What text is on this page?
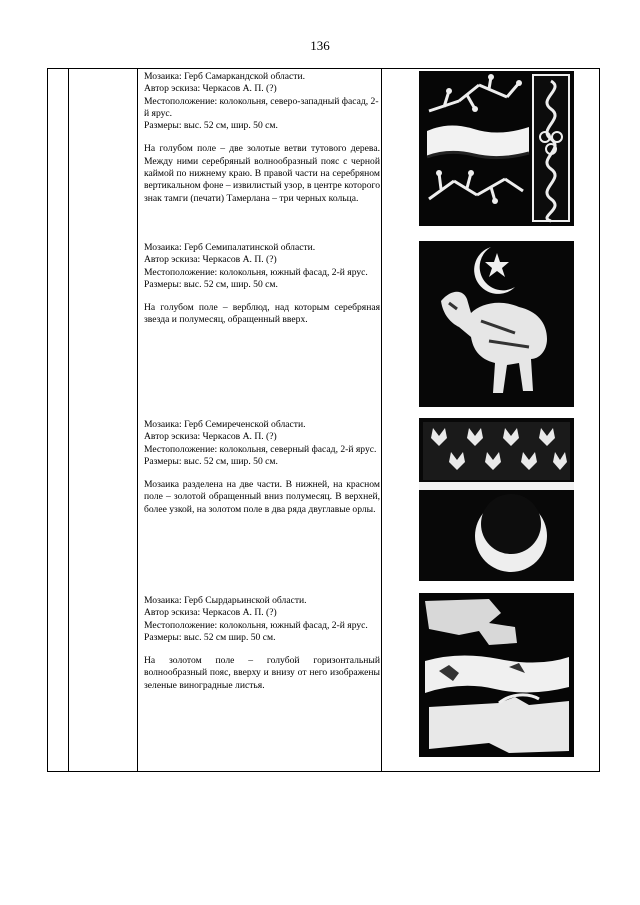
136

Мозаика: Герб Самаркандской области.

Автор эскиза: Черкасов А. П. (?)

Местоположение: колокольня, северо-западный фасад, 2-й ярус.

Размеры: выс. 52 см, шир. 50 см.

На голубом поле – две золотые ветви тутового дерева. Между ними серебряный волнообразный пояс с черной каймой по нижнему краю. В правой части на серебряном вертикальном фоне – извилистый узор, в центре которого знак тамги (печати) Тамерлана – три черных кольца.

Мозаика: Герб Семипалатинской области.

Автор эскиза: Черкасов А. П. (?)

Местоположение: колокольня, южный фасад, 2-й ярус.

Размеры: выс. 52 см, шир. 50 см.

На голубом поле – верблюд, над которым серебряная звезда и полумесяц, обращенный вверх.

Мозаика: Герб Семиреченской области.

Автор эскиза: Черкасов А. П. (?)

Местоположение: колокольня, северный фасад, 2-й ярус.

Размеры: выс. 52 см, шир. 50 см.

Мозаика разделена на две части. В нижней, на красном поле – золотой обращенный вниз полумесяц. В верхней, более узкой, на золотом поле в два ряда двуглавые орлы.

Мозаика: Герб Сырдарьинской области.

Автор эскиза: Черкасов А. П. (?)

Местоположение: колокольня, южный фасад, 2-й ярус.

Размеры: выс. 52 см шир. 50 см.

На золотом поле – голубой горизонтальный волнообразный пояс, вверху и внизу от него изображены зеленые виноградные листья.
